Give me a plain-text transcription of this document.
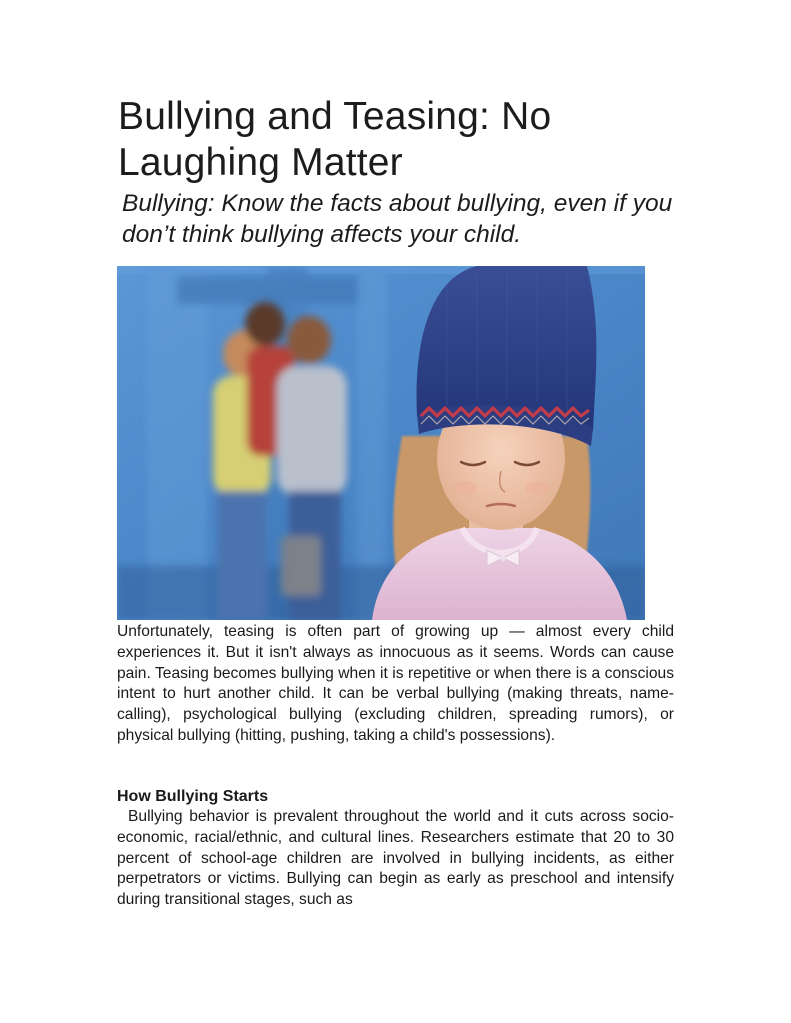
Bullying and Teasing: No Laughing Matter
Bullying: Know the facts about bullying, even if you don’t think bullying affects your child.

Unfortunately, teasing is often part of growing up — almost every child experiences it. But it isn't always as innocuous as it seems. Words can cause pain. Teasing becomes bullying when it is repetitive or when there is a conscious intent to hurt another child. It can be verbal bullying (making threats, name-calling), psychological bullying (excluding children, spreading rumors), or physical bullying (hitting, pushing, taking a child's possessions).

How Bullying Starts

Bullying behavior is prevalent throughout the world and it cuts across socio-economic, racial/ethnic, and cultural lines. Researchers estimate that 20 to 30 percent of school-age children are involved in bullying incidents, as either perpetrators or victims. Bullying can begin as early as preschool and intensify during transitional stages, such as
